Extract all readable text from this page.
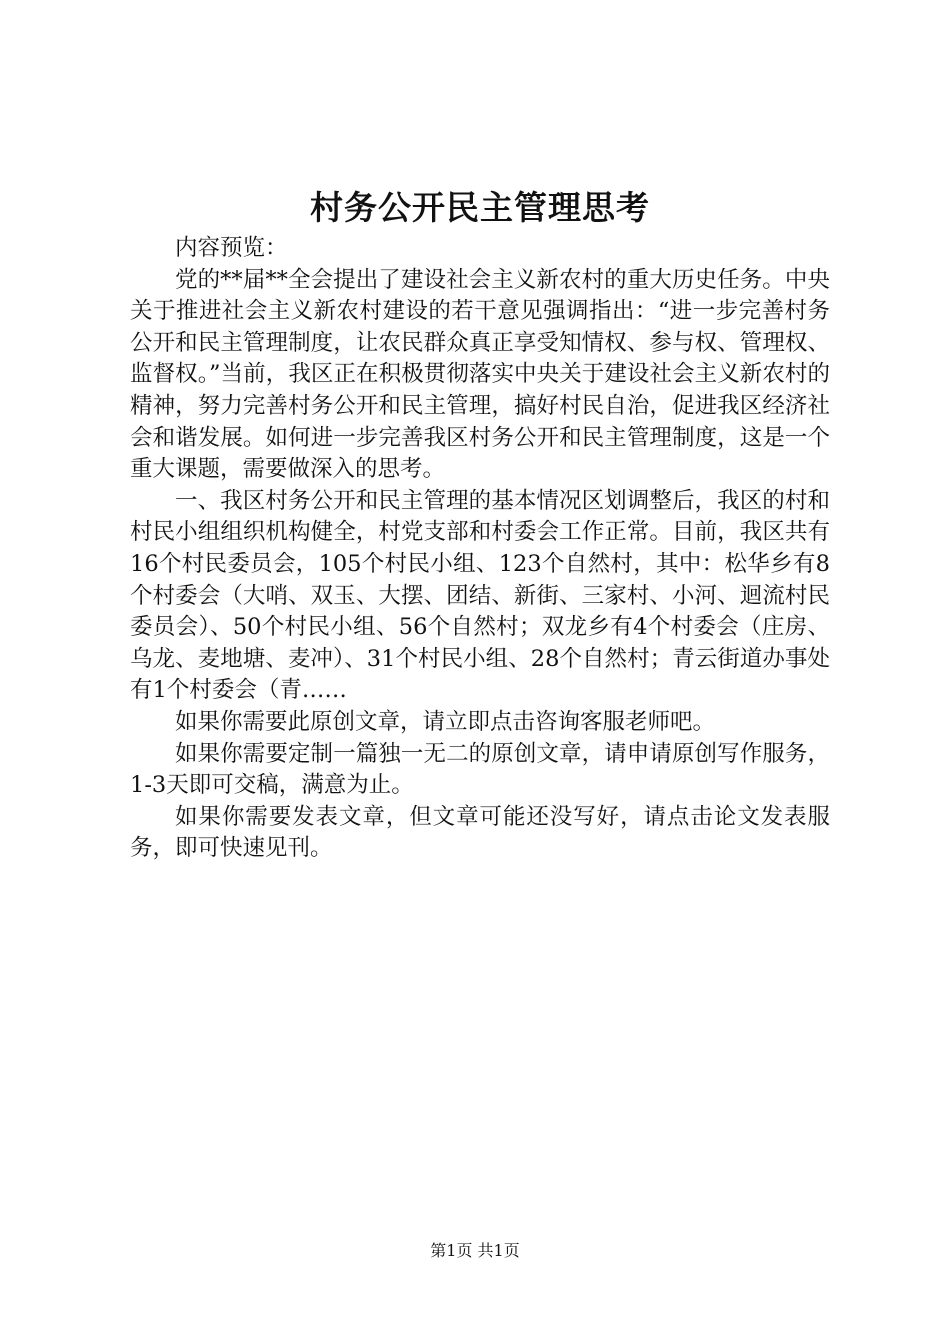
村务公开民主管理思考

内容预览：

党的**届**全会提出了建设社会主义新农村的重大历史任务。中央关于推进社会主义新农村建设的若干意见强调指出：“进一步完善村务公开和民主管理制度，让农民群众真正享受知情权、参与权、管理权、监督权。”当前，我区正在积极贯彻落实中央关于建设社会主义新农村的精神，努力完善村务公开和民主管理，搞好村民自治，促进我区经济社会和谐发展。如何进一步完善我区村务公开和民主管理制度，这是一个重大课题，需要做深入的思考。

一、我区村务公开和民主管理的基本情况区划调整后，我区的村和村民小组组织机构健全，村党支部和村委会工作正常。目前，我区共有16个村民委员会，105个村民小组、123个自然村，其中：松华乡有8个村委会（大哨、双玉、大摆、团结、新街、三家村、小河、迴流村民委员会）、50个村民小组、56个自然村；双龙乡有4个村委会（庄房、乌龙、麦地塘、麦冲）、31个村民小组、28个自然村；青云街道办事处有1个村委会（青……

如果你需要此原创文章，请立即点击咨询客服老师吧。

如果你需要定制一篇独一无二的原创文章，请申请原创写作服务，1-3天即可交稿，满意为止。

如果你需要发表文章，但文章可能还没写好，请点击论文发表服务，即可快速见刊。

第1页 共1页
